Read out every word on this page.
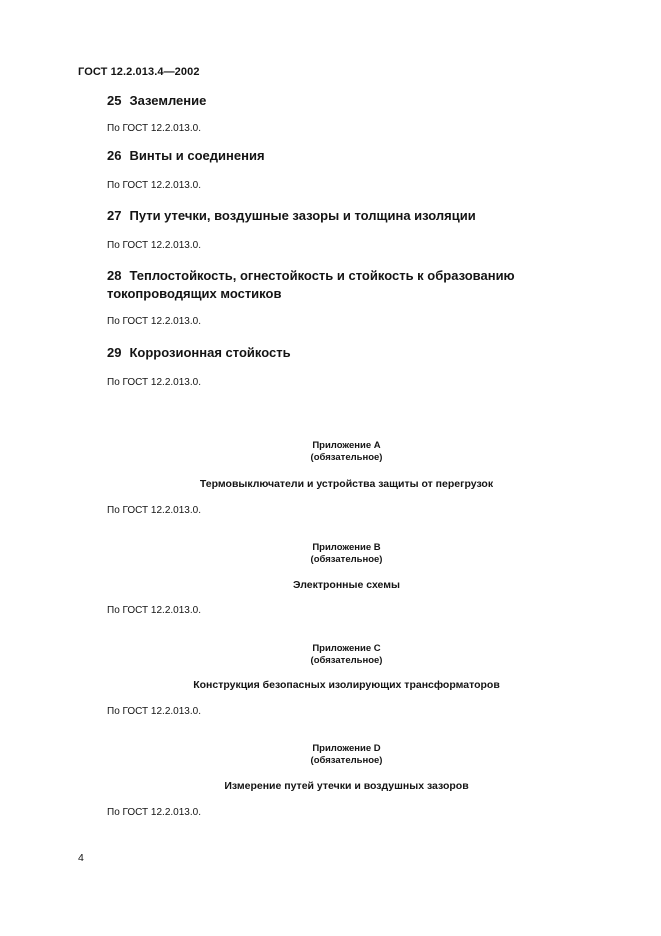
ГОСТ 12.2.013.4—2002
25 Заземление
По ГОСТ 12.2.013.0.
26 Винты и соединения
По ГОСТ 12.2.013.0.
27 Пути утечки, воздушные зазоры и толщина изоляции
По ГОСТ 12.2.013.0.
28 Теплостойкость, огнестойкость и стойкость к образованию
токопроводящих мостиков
По ГОСТ 12.2.013.0.
29 Коррозионная стойкость
По ГОСТ 12.2.013.0.
Приложение A
(обязательное)
Термовыключатели и устройства защиты от перегрузок
По ГОСТ 12.2.013.0.
Приложение B
(обязательное)
Электронные схемы
По ГОСТ 12.2.013.0.
Приложение C
(обязательное)
Конструкция безопасных изолирующих трансформаторов
По ГОСТ 12.2.013.0.
Приложение D
(обязательное)
Измерение путей утечки и воздушных зазоров
По ГОСТ 12.2.013.0.
4
